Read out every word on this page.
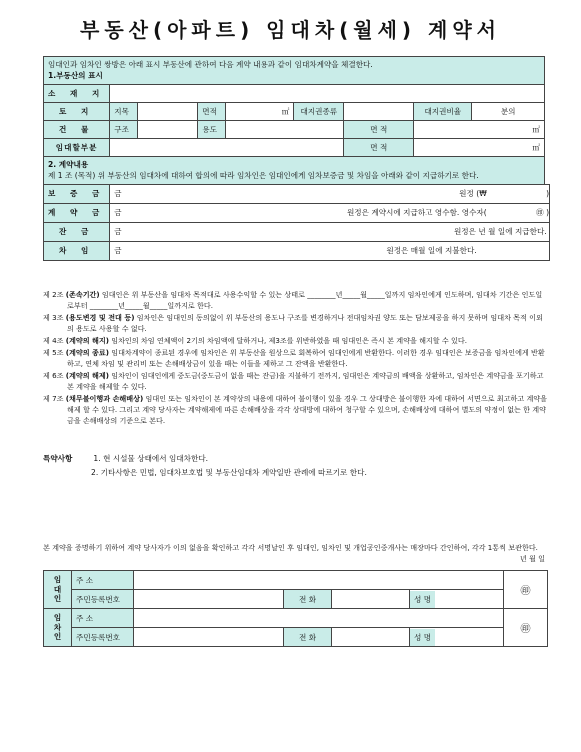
부동산(아파트) 임대차(월세) 계약서
임대인과 임차인 쌍방은 아래 표시 부동산에 관하여 다음 계약 내용과 같이 임대차계약을 체결한다.
1.부동산의 표시
소 재 지								
토 지	지목		면적	㎡	대지권종류		대지권비율	분의
건 물	구조		용도			면 적	㎡	
임대할부분						면 적	㎡	
2. 계약내용
제 1 조 (목적) 위 부동산의 임대차에 대하여 합의에 따라 임차인은 임대인에게 임차보증금 및 차임을 아래와 같이 지급하기로 한다.
보 증 금	금 원정 (₩ )
계 약 금	금 원정은 계약시에 지급하고 영수함. 영수자( ㊞ )
잔 금	금 원정은 년 월 일에 지급한다.
차 임	금 원정은 매월 일에 지불한다.
제 2조 (존속기간) 임대인은 위 부동산을 임대차 목적대로 사용수익할 수 있는 상태로 ________년_____월_____일까지 임차인에게 인도하며, 임대차 기간은 인도일로부터 ________년_____월_____일까지로 한다.
제 3조 (용도변경 및 전대 등) 임차인은 임대인의 동의없이 위 부동산의 용도나 구조를 변경하거나 전대임차권 양도 또는 담보제공을 하지 못하며 임대차 목적 이외의 용도로 사용할 수 없다.
제 4조 (계약의 해지) 임차인의 차임 연체액이 2기의 차임액에 달하거나, 제3조를 위반하였을 때 임대인은 즉시 본 계약을 해지할 수 있다.
제 5조 (계약의 종료) 임대차계약이 종료된 경우에 임차인은 위 부동산을 원상으로 회복하여 임대인에게 반환한다. 이러한 경우 임대인은 보증금을 임차인에게 반환하고, 연체 차임 및 관리비 또는 손해배상금이 있을 때는 이들을 제하고 그 잔액을 반환한다.
제 6조 (계약의 해제) 임차인이 임대인에게 중도금(중도금이 없을 때는 잔금)을 지불하기 전까지, 임대인은 계약금의 배액을 상환하고, 임차인은 계약금을 포기하고 본 계약을 해제할 수 있다.
제 7조 (채무불이행과 손해배상) 임대인 또는 임차인이 본 계약상의 내용에 대하여 불이행이 있을 경우 그 상대방은 불이행한 자에 대하여 서면으로 최고하고 계약을 해제 할 수 있다. 그리고 계약 당사자는 계약해제에 따른 손해배상을 각각 상대방에 대하여 청구할 수 있으며, 손해배상에 대하여 별도의 약정이 없는 한 계약금을 손해배상의 기준으로 본다.
특약사항	1. 현 시설물 상태에서 임대차한다.
2. 기타사항은 민법, 임대차보호법 및 부동산임대차 계약일반 관례에 따르기로 한다.
본 계약을 증명하기 위하여 계약 당사자가 이의 없음을 확인하고 각각 서명날인 후 임대인, 임차인 및 개업공인중개사는 매장마다 간인하여, 각각 1통씩 보관한다.
년 월 일
임
대
인	주 소					㊞
	주민등록번호		전 화		성 명	

임
차
인	주 소					㊞
	주민등록번호		전 화		성 명	
